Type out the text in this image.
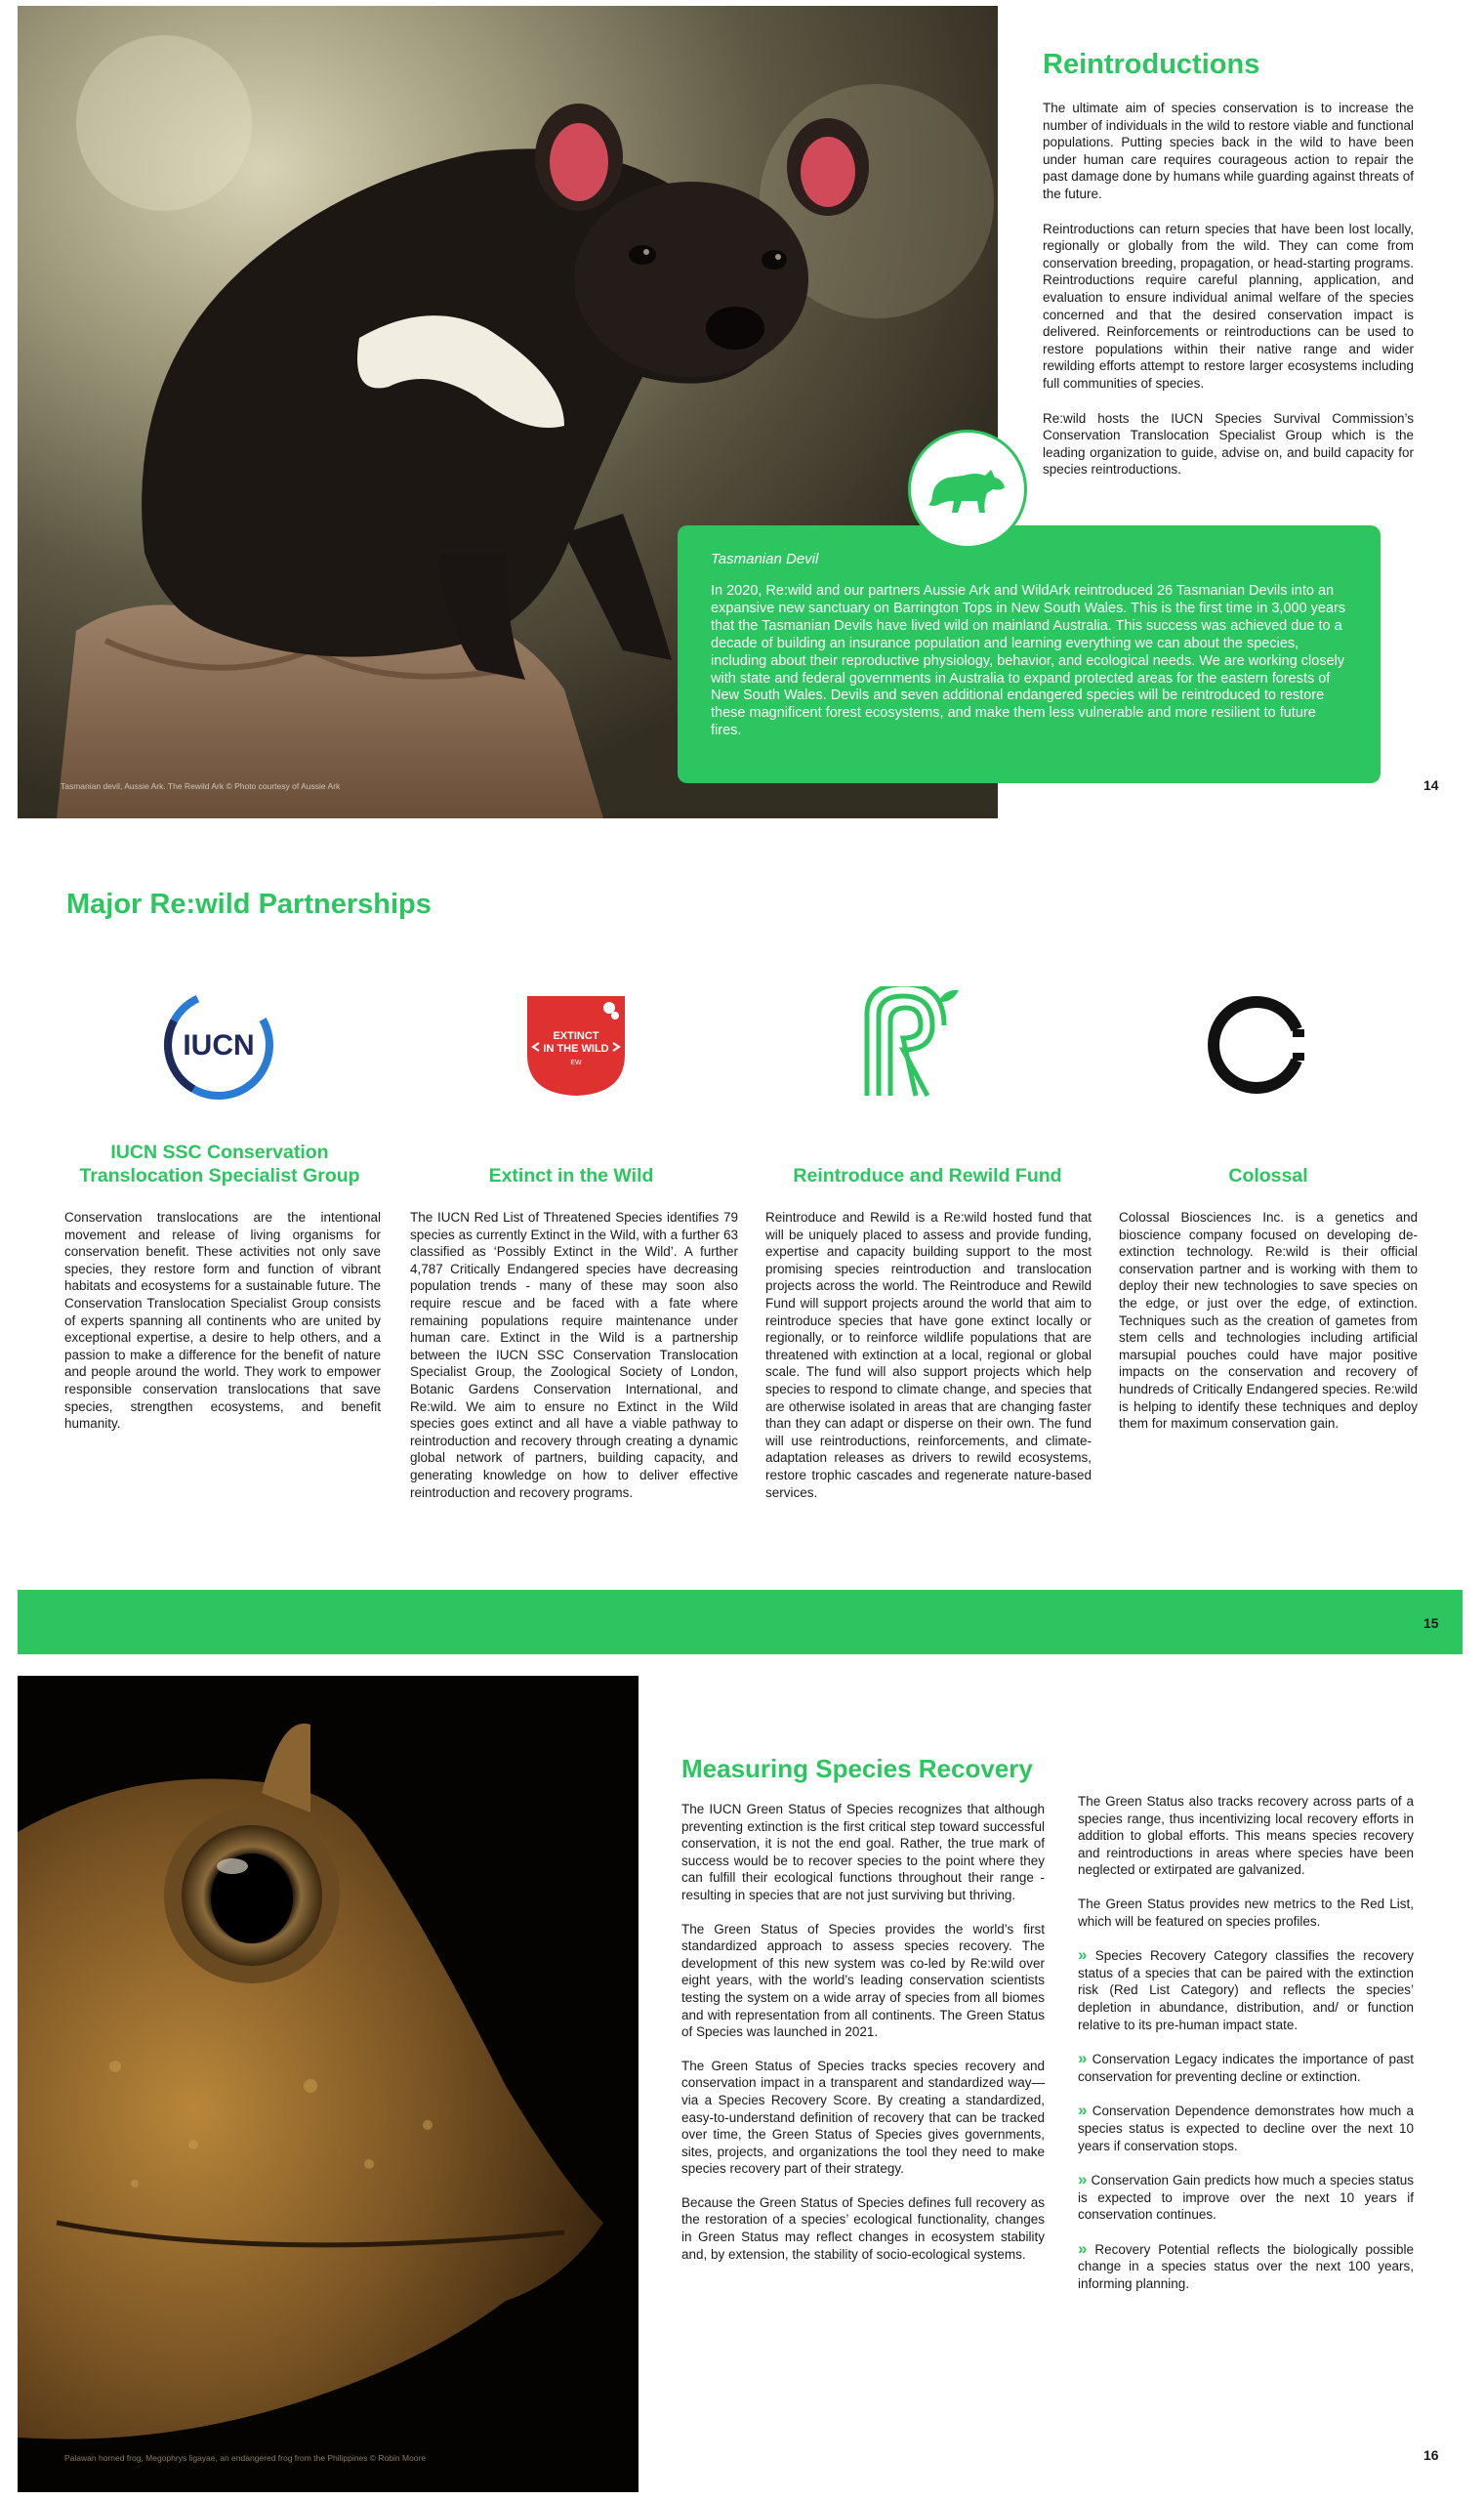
Tasmanian devil, Aussie Ark. The Rewild Ark © Photo courtesy of Aussie Ark
Reintroductions

The ultimate aim of species conservation is to increase the number of individuals in the wild to restore viable and functional populations. Putting species back in the wild to have been under human care requires courageous action to repair the past damage done by humans while guarding against threats of the future.

Reintroductions can return species that have been lost locally, regionally or globally from the wild. They can come from conservation breeding, propagation, or head-starting programs. Reintroductions require careful planning, application, and evaluation to ensure individual animal welfare of the species concerned and that the desired conservation impact is delivered. Reinforcements or reintroductions can be used to restore populations within their native range and wider rewilding efforts attempt to restore larger ecosystems including full communities of species.

Re:wild hosts the IUCN Species Survival Commission’s Conservation Translocation Specialist Group which is the leading organization to guide, advise on, and build capacity for species reintroductions.

Tasmanian Devil

In 2020, Re:wild and our partners Aussie Ark and WildArk reintroduced 26 Tasmanian Devils into an expansive new sanctuary on Barrington Tops in New South Wales. This is the first time in 3,000 years that the Tasmanian Devils have lived wild on mainland Australia. This success was achieved due to a decade of building an insurance population and learning everything we can about the species, including about their reproductive physiology, behavior, and ecological needs. We are working closely with state and federal governments in Australia to expand protected areas for the eastern forests of New South Wales. Devils and seven additional endangered species will be reintroduced to restore these magnificent forest ecosystems, and make them less vulnerable and more resilient to future fires.

14
Major Re:wild Partnerships
IUCN	EXTINCT
IN THE WILD
EW
IUCN SSC Conservation Translocation Specialist Group	Extinct in the Wild	Reintroduce and Rewild Fund	Colossal

Conservation translocations are the intentional movement and release of living organisms for conservation benefit. These activities not only save species, they restore form and function of vibrant habitats and ecosystems for a sustainable future. The Conservation Translocation Specialist Group consists of experts spanning all continents who are united by exceptional expertise, a desire to help others, and a passion to make a difference for the benefit of nature and people around the world. They work to empower responsible conservation translocations that save species, strengthen ecosystems, and benefit humanity.

The IUCN Red List of Threatened Species identifies 79 species as currently Extinct in the Wild, with a further 63 classified as ‘Possibly Extinct in the Wild’. A further 4,787 Critically Endangered species have decreasing population trends - many of these may soon also require rescue and be faced with a fate where remaining populations require maintenance under human care. Extinct in the Wild is a partnership between the IUCN SSC Conservation Translocation Specialist Group, the Zoological Society of London, Botanic Gardens Conservation International, and Re:wild. We aim to ensure no Extinct in the Wild species goes extinct and all have a viable pathway to reintroduction and recovery through creating a dynamic global network of partners, building capacity, and generating knowledge on how to deliver effective reintroduction and recovery programs.

Reintroduce and Rewild is a Re:wild hosted fund that will be uniquely placed to assess and provide funding, expertise and capacity building support to the most promising species reintroduction and translocation projects across the world. The Reintroduce and Rewild Fund will support projects around the world that aim to reintroduce species that have gone extinct locally or regionally, or to reinforce wildlife populations that are threatened with extinction at a local, regional or global scale. The fund will also support projects which help species to respond to climate change, and species that are otherwise isolated in areas that are changing faster than they can adapt or disperse on their own. The fund will use reintroductions, reinforcements, and climate-adaptation releases as drivers to rewild ecosystems, restore trophic cascades and regenerate nature-based services.

Colossal Biosciences Inc. is a genetics and bioscience company focused on developing de-extinction technology. Re:wild is their official conservation partner and is working with them to deploy their new technologies to save species on the edge, or just over the edge, of extinction. Techniques such as the creation of gametes from stem cells and technologies including artificial marsupial pouches could have major positive impacts on the conservation and recovery of hundreds of Critically Endangered species. Re:wild is helping to identify these techniques and deploy them for maximum conservation gain.

15
Palawan horned frog, Megophrys ligayae, an endangered frog from the Philippines © Robin Moore
Measuring Species Recovery

The IUCN Green Status of Species recognizes that although preventing extinction is the first critical step toward successful conservation, it is not the end goal. Rather, the true mark of success would be to recover species to the point where they can fulfill their ecological functions throughout their range - resulting in species that are not just surviving but thriving.

The Green Status of Species provides the world’s first standardized approach to assess species recovery. The development of this new system was co-led by Re:wild over eight years, with the world’s leading conservation scientists testing the system on a wide array of species from all biomes and with representation from all continents. The Green Status of Species was launched in 2021.

The Green Status of Species tracks species recovery and conservation impact in a transparent and standardized way—via a Species Recovery Score. By creating a standardized, easy-to-understand definition of recovery that can be tracked over time, the Green Status of Species gives governments, sites, projects, and organizations the tool they need to make species recovery part of their strategy.

Because the Green Status of Species defines full recovery as the restoration of a species’ ecological functionality, changes in Green Status may reflect changes in ecosystem stability and, by extension, the stability of socio-ecological systems.

The Green Status also tracks recovery across parts of a species range, thus incentivizing local recovery efforts in addition to global efforts. This means species recovery and reintroductions in areas where species have been neglected or extirpated are galvanized.

The Green Status provides new metrics to the Red List, which will be featured on species profiles.

» Species Recovery Category classifies the recovery status of a species that can be paired with the extinction risk (Red List Category) and reflects the species’ depletion in abundance, distribution, and/ or function relative to its pre-human impact state.

» Conservation Legacy indicates the importance of past conservation for preventing decline or extinction.

» Conservation Dependence demonstrates how much a species status is expected to decline over the next 10 years if conservation stops.

» Conservation Gain predicts how much a species status is expected to improve over the next 10 years if conservation continues.

» Recovery Potential reflects the biologically possible change in a species status over the next 100 years, informing planning.

16
